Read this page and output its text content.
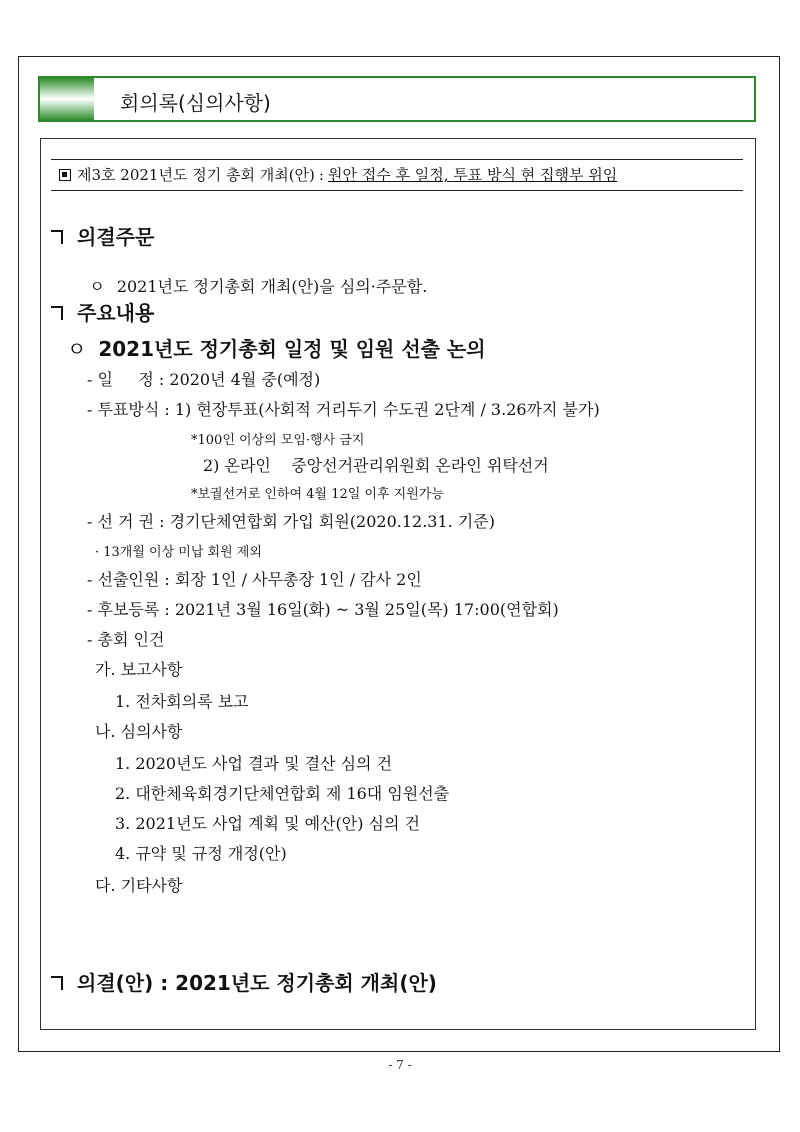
회의록(심의사항)
제3호 2021년도 정기 총회 개최(안) : 원안 접수 후 일정, 투표 방식 현 집행부 위임
의결주문

ㅇ 2021년도 정기총회 개최(안)을 심의·주문함.

주요내용
ㅇ 2021년도 정기총회 일정 및 임원 선출 논의
- 일     정 : 2020년 4월 중(예정)
- 투표방식 : 1) 현장투표(사회적 거리두기 수도권 2단계 / 3.26까지 불가)
*100인 이상의 모임·행사 금지
2) 온라인    중앙선거관리위원회 온라인 위탁선거
*보궐선거로 인하여 4월 12일 이후 지원가능
- 선 거 권 : 경기단체연합회 가입 회원(2020.12.31. 기준)
· 13개월 이상 미납 회원 제외
- 선출인원 : 회장 1인 / 사무총장 1인 / 감사 2인
- 후보등록 : 2021년 3월 16일(화) ~ 3월 25일(목) 17:00(연합회)
- 총회 인건
가. 보고사항
1. 전차회의록 보고
나. 심의사항
1. 2020년도 사업 결과 및 결산 심의 건
2. 대한체육회경기단체연합회 제 16대 임원선출
3. 2021년도 사업 계획 및 예산(안) 심의 건
4. 규약 및 규정 개정(안)
다. 기타사항
의결(안) : 2021년도 정기총회 개최(안)
- 7 -
